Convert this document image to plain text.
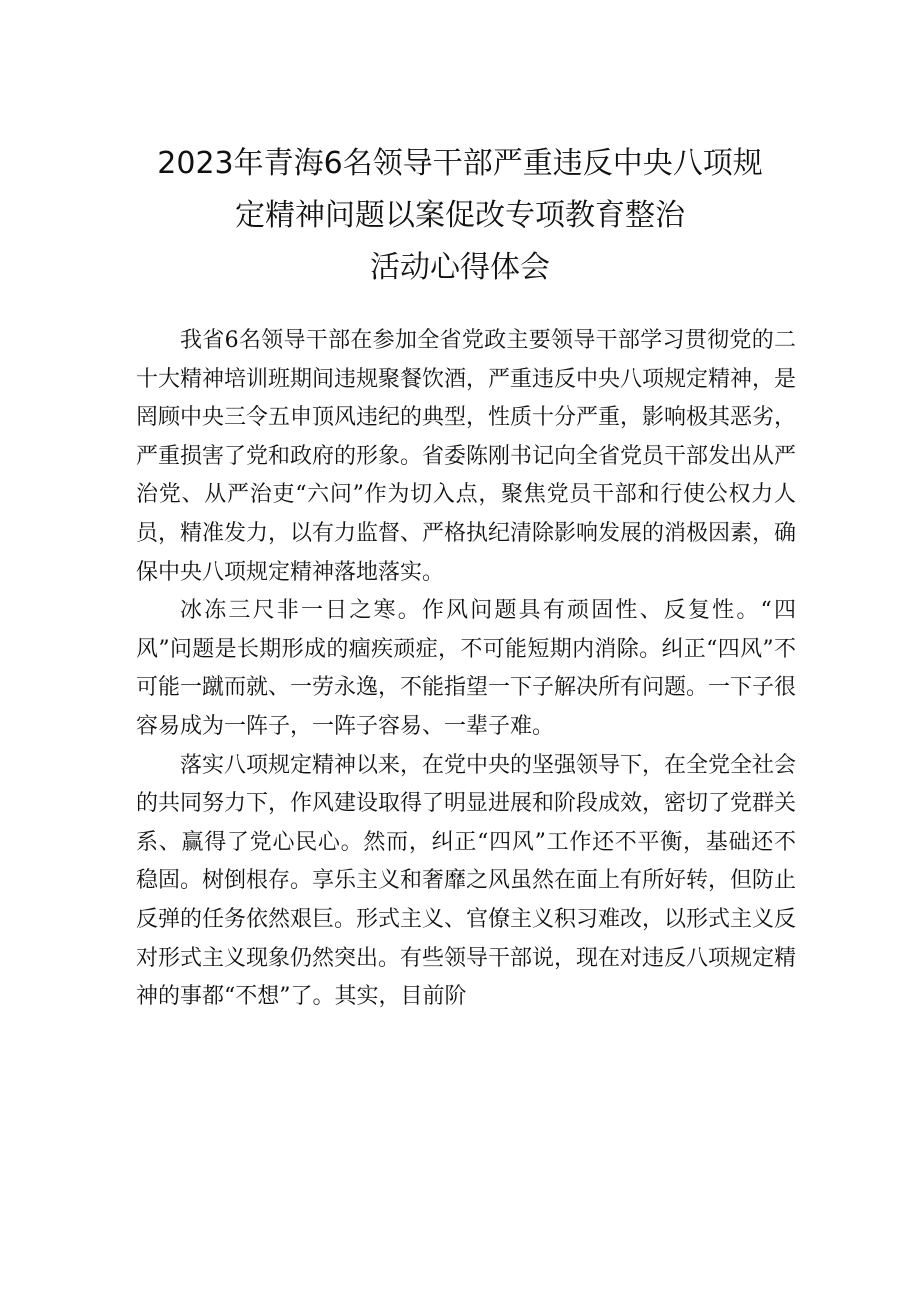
2023年青海6名领导干部严重违反中央八项规
定精神问题以案促改专项教育整治
活动心得体会

我省6名领导干部在参加全省党政主要领导干部学习贯彻党的二十大精神培训班期间违规聚餐饮酒，严重违反中央八项规定精神，是罔顾中央三令五申顶风违纪的典型，性质十分严重，影响极其恶劣，严重损害了党和政府的形象。省委陈刚书记向全省党员干部发出从严治党、从严治吏“六问”作为切入点，聚焦党员干部和行使公权力人员，精准发力，以有力监督、严格执纪清除影响发展的消极因素，确保中央八项规定精神落地落实。

冰冻三尺非一日之寒。作风问题具有顽固性、反复性。“四风”问题是长期形成的痼疾顽症，不可能短期内消除。纠正“四风”不可能一蹴而就、一劳永逸，不能指望一下子解决所有问题。一下子很容易成为一阵子，一阵子容易、一辈子难。

落实八项规定精神以来，在党中央的坚强领导下，在全党全社会的共同努力下，作风建设取得了明显进展和阶段成效，密切了党群关系、赢得了党心民心。然而，纠正“四风”工作还不平衡，基础还不稳固。树倒根存。享乐主义和奢靡之风虽然在面上有所好转，但防止反弹的任务依然艰巨。形式主义、官僚主义积习难改，以形式主义反对形式主义现象仍然突出。有些领导干部说，现在对违反八项规定精神的事都“不想”了。其实，目前阶
